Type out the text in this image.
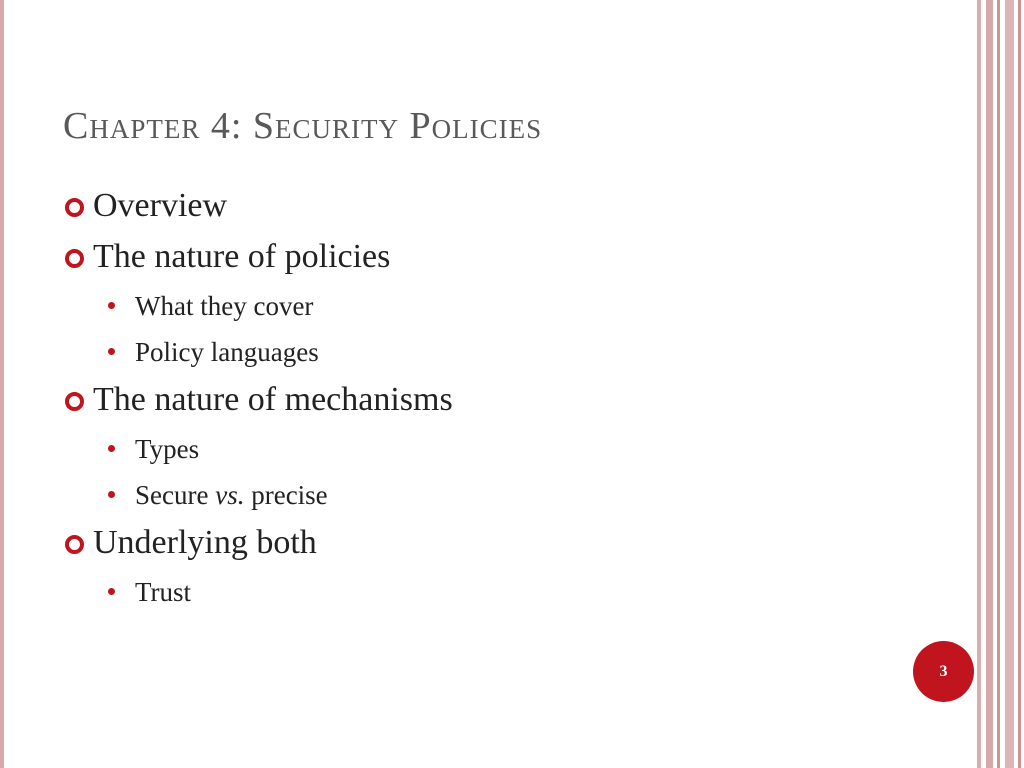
Chapter 4: Security Policies
Overview
The nature of policies
What they cover
Policy languages
The nature of mechanisms
Types
Secure vs. precise
Underlying both
Trust
3
